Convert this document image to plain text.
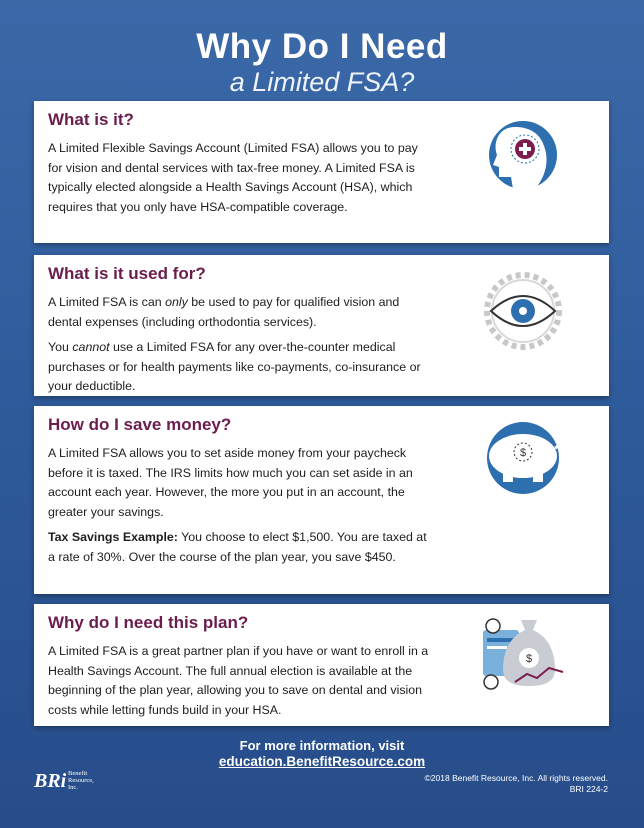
Why Do I Need
a Limited FSA?
What is it?

A Limited Flexible Savings Account (Limited FSA) allows you to pay for vision and dental services with tax-free money. A Limited FSA is typically elected alongside a Health Savings Account (HSA), which requires that you only have HSA-compatible coverage.

What is it used for?

A Limited FSA is can only be used to pay for qualified vision and dental expenses (including orthodontia services).

You cannot use a Limited FSA for any over-the-counter medical purchases or for health payments like co-payments, co-insurance or your deductible.

How do I save money?

A Limited FSA allows you to set aside money from your paycheck before it is taxed. The IRS limits how much you can set aside in an account each year. However, the more you put in an account, the greater your savings.

Tax Savings Example: You choose to elect $1,500. You are taxed at a rate of 30%. Over the course of the plan year, you save $450.

$
Why do I need this plan?

A Limited FSA is a great partner plan if you have or want to enroll in a Health Savings Account. The full annual election is available at the beginning of the plan year, allowing you to save on dental and vision costs while letting funds build in your HSA.

$
For more information, visit
education.BenefitResource.com
BRi Benefit
Resource,
Inc.
©2018 Benefit Resource, Inc. All rights reserved.
BRI 224-2
